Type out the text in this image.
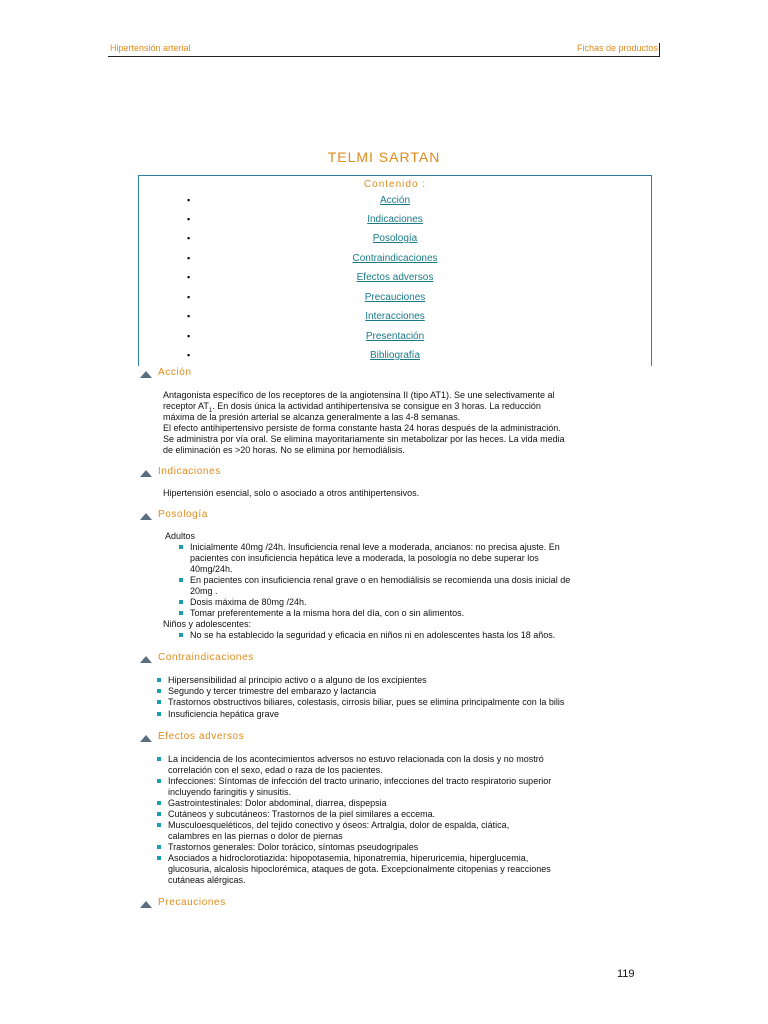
Hipertensión arterial	Fichas de productos
TELMI SARTAN
Contenido :
▪	Acción
▪	Indicaciones
▪	Posología
▪	Contraindicaciones
▪	Efectos adversos
▪	Precauciones
▪	Interacciones
▪	Presentación
▪	Bibliografía
Acción
Antagonista específico de los receptores de la angiotensina II (tipo AT1). Se une selectivamente al
receptor $AT_1$. En dosis única la actividad antihipertensiva se consigue en 3 horas. La reducción
máxima de la presión arterial se alcanza generalmente a las 4-8 semanas.
El efecto antihipertensivo persiste de forma constante hasta 24 horas después de la administración.
Se administra por vía oral. Se elimina mayoritariamente sin metabolizar por las heces. La vida media
de eliminación es >20 horas. No se elimina por hemodiálisis.
Indicaciones
Hipertensión esencial, solo o asociado a otros antihipertensivos.
Posología
Adultos
Inicialmente 40mg /24h. Insuficiencia renal leve a moderada, ancianos: no precisa ajuste. En
pacientes con insuficiencia hepática leve a moderada, la posología no debe superar los
40mg/24h.
En pacientes con insuficiencia renal grave o en hemodiálisis se recomienda una dosis inicial de
20mg .
Dosis máxima de 80mg /24h.
Tomar preferentemente a la misma hora del día, con o sin alimentos.
Niños y adolescentes:
No se ha establecido la seguridad y eficacia en niños ni en adolescentes hasta los 18 años.
Contraindicaciones
Hipersensibilidad al principio activo o a alguno de los excipientes
Segundo y tercer trimestre del embarazo y lactancia
Trastornos obstructivos biliares, colestasis, cirrosis biliar, pues se elimina principalmente con la bilis
Insuficiencia hepática grave
Efectos adversos
La incidencia de los acontecimientos adversos no estuvo relacionada con la dosis y no mostró
correlación con el sexo, edad o raza de los pacientes.
Infecciones: Síntomas de infección del tracto urinario, infecciones del tracto respiratorio superior
incluyendo faringitis y sinusitis.
Gastrointestinales: Dolor abdominal, diarrea, dispepsia
Cutáneos y subcutáneos: Trastornos de la piel similares a eccema.
Musculoesqueléticos, del tejido conectivo y óseos: Artralgia, dolor de espalda, ciática,
calambres en las piernas o dolor de piernas
Trastornos generales: Dolor torácico, síntomas pseudogripales
Asociados a hidroclorotiazida: hipopotasemia, hiponatremia, hiperuricemia, hiperglucemia,
glucosuria, alcalosis hipoclorémica, ataques de gota. Excepcionalmente citopenias y reacciones
cutáneas alérgicas.
Precauciones
119
